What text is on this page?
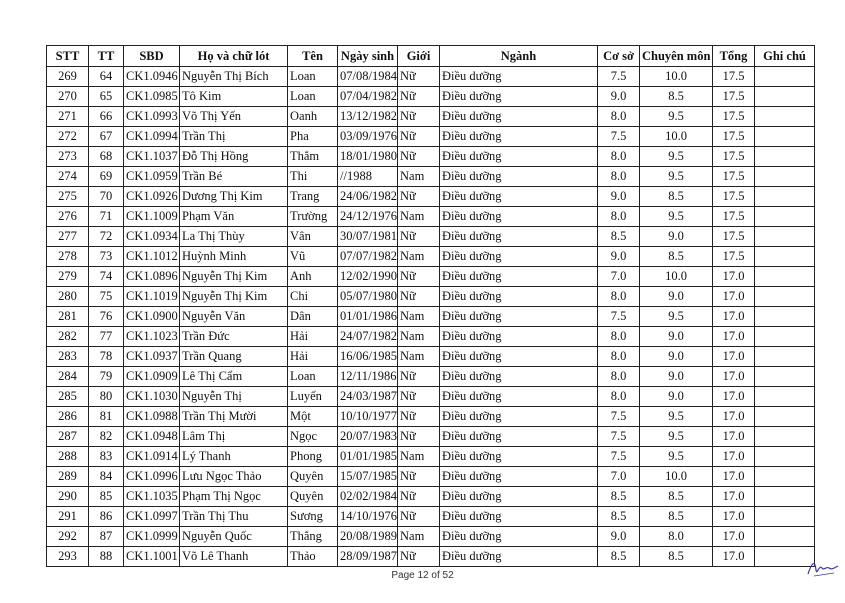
STT	TT	SBD	Họ và chữ lót	Tên	Ngày sinh	Giới	Ngành	Cơ sở	Chuyên môn	Tổng	Ghi chú
269	64	CK1.0946	Nguyễn Thị Bích	Loan	07/08/1984	Nữ	Điều dưỡng	7.5	10.0	17.5	
270	65	CK1.0985	Tô Kim	Loan	07/04/1982	Nữ	Điều dưỡng	9.0	8.5	17.5	
271	66	CK1.0993	Võ Thị Yến	Oanh	13/12/1982	Nữ	Điều dưỡng	8.0	9.5	17.5	
272	67	CK1.0994	Trần Thị	Pha	03/09/1976	Nữ	Điều dưỡng	7.5	10.0	17.5	
273	68	CK1.1037	Đỗ Thị Hồng	Thắm	18/01/1980	Nữ	Điều dưỡng	8.0	9.5	17.5	
274	69	CK1.0959	Trần Bé	Thi	//1988	Nam	Điều dưỡng	8.0	9.5	17.5	
275	70	CK1.0926	Dương Thị Kim	Trang	24/06/1982	Nữ	Điều dưỡng	9.0	8.5	17.5	
276	71	CK1.1009	Phạm Văn	Trường	24/12/1976	Nam	Điều dưỡng	8.0	9.5	17.5	
277	72	CK1.0934	La Thị Thùy	Vân	30/07/1981	Nữ	Điều dưỡng	8.5	9.0	17.5	
278	73	CK1.1012	Huỳnh Minh	Vũ	07/07/1982	Nam	Điều dưỡng	9.0	8.5	17.5	
279	74	CK1.0896	Nguyễn Thị Kim	Anh	12/02/1990	Nữ	Điều dưỡng	7.0	10.0	17.0	
280	75	CK1.1019	Nguyễn Thị Kim	Chi	05/07/1980	Nữ	Điều dưỡng	8.0	9.0	17.0	
281	76	CK1.0900	Nguyễn Văn	Dân	01/01/1986	Nam	Điều dưỡng	7.5	9.5	17.0	
282	77	CK1.1023	Trần Đức	Hải	24/07/1982	Nam	Điều dưỡng	8.0	9.0	17.0	
283	78	CK1.0937	Trần Quang	Hải	16/06/1985	Nam	Điều dưỡng	8.0	9.0	17.0	
284	79	CK1.0909	Lê Thị Cẩm	Loan	12/11/1986	Nữ	Điều dưỡng	8.0	9.0	17.0	
285	80	CK1.1030	Nguyễn Thị	Luyến	24/03/1987	Nữ	Điều dưỡng	8.0	9.0	17.0	
286	81	CK1.0988	Trần Thị Mười	Một	10/10/1977	Nữ	Điều dưỡng	7.5	9.5	17.0	
287	82	CK1.0948	Lâm Thị	Ngọc	20/07/1983	Nữ	Điều dưỡng	7.5	9.5	17.0	
288	83	CK1.0914	Lý Thanh	Phong	01/01/1985	Nam	Điều dưỡng	7.5	9.5	17.0	
289	84	CK1.0996	Lưu Ngọc Thảo	Quyên	15/07/1985	Nữ	Điều dưỡng	7.0	10.0	17.0	
290	85	CK1.1035	Phạm Thị Ngọc	Quyên	02/02/1984	Nữ	Điều dưỡng	8.5	8.5	17.0	
291	86	CK1.0997	Trần Thị Thu	Sương	14/10/1976	Nữ	Điều dưỡng	8.5	8.5	17.0	
292	87	CK1.0999	Nguyễn Quốc	Thắng	20/08/1989	Nam	Điều dưỡng	9.0	8.0	17.0	
293	88	CK1.1001	Võ Lê Thanh	Thảo	28/09/1987	Nữ	Điều dưỡng	8.5	8.5	17.0	
Page 12 of 52
